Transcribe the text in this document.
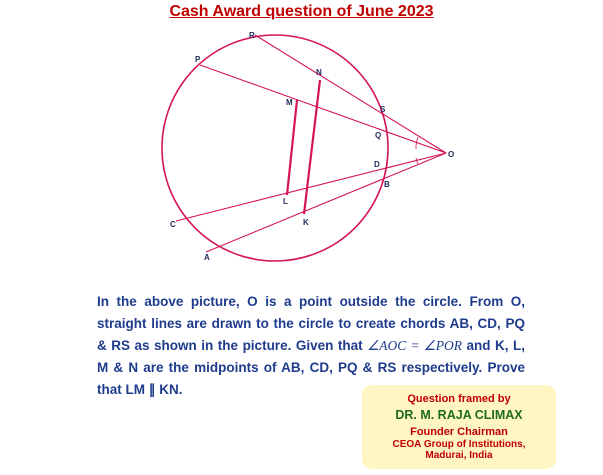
Cash Award question of June 2023
R
P
N
M
S
Q
D
O
B
L
K
C
A
In the above picture, O is a point outside the circle. From O, straight lines are drawn to the circle to create chords AB, CD, PQ & RS as shown in the picture. Given that ∠AOC = ∠POR and K, L, M & N are the midpoints of AB, CD, PQ & RS respectively. Prove that LM ∥ KN.
Question framed by
DR. M. RAJA CLIMAX
Founder Chairman
CEOA Group of Institutions,
Madurai, India
